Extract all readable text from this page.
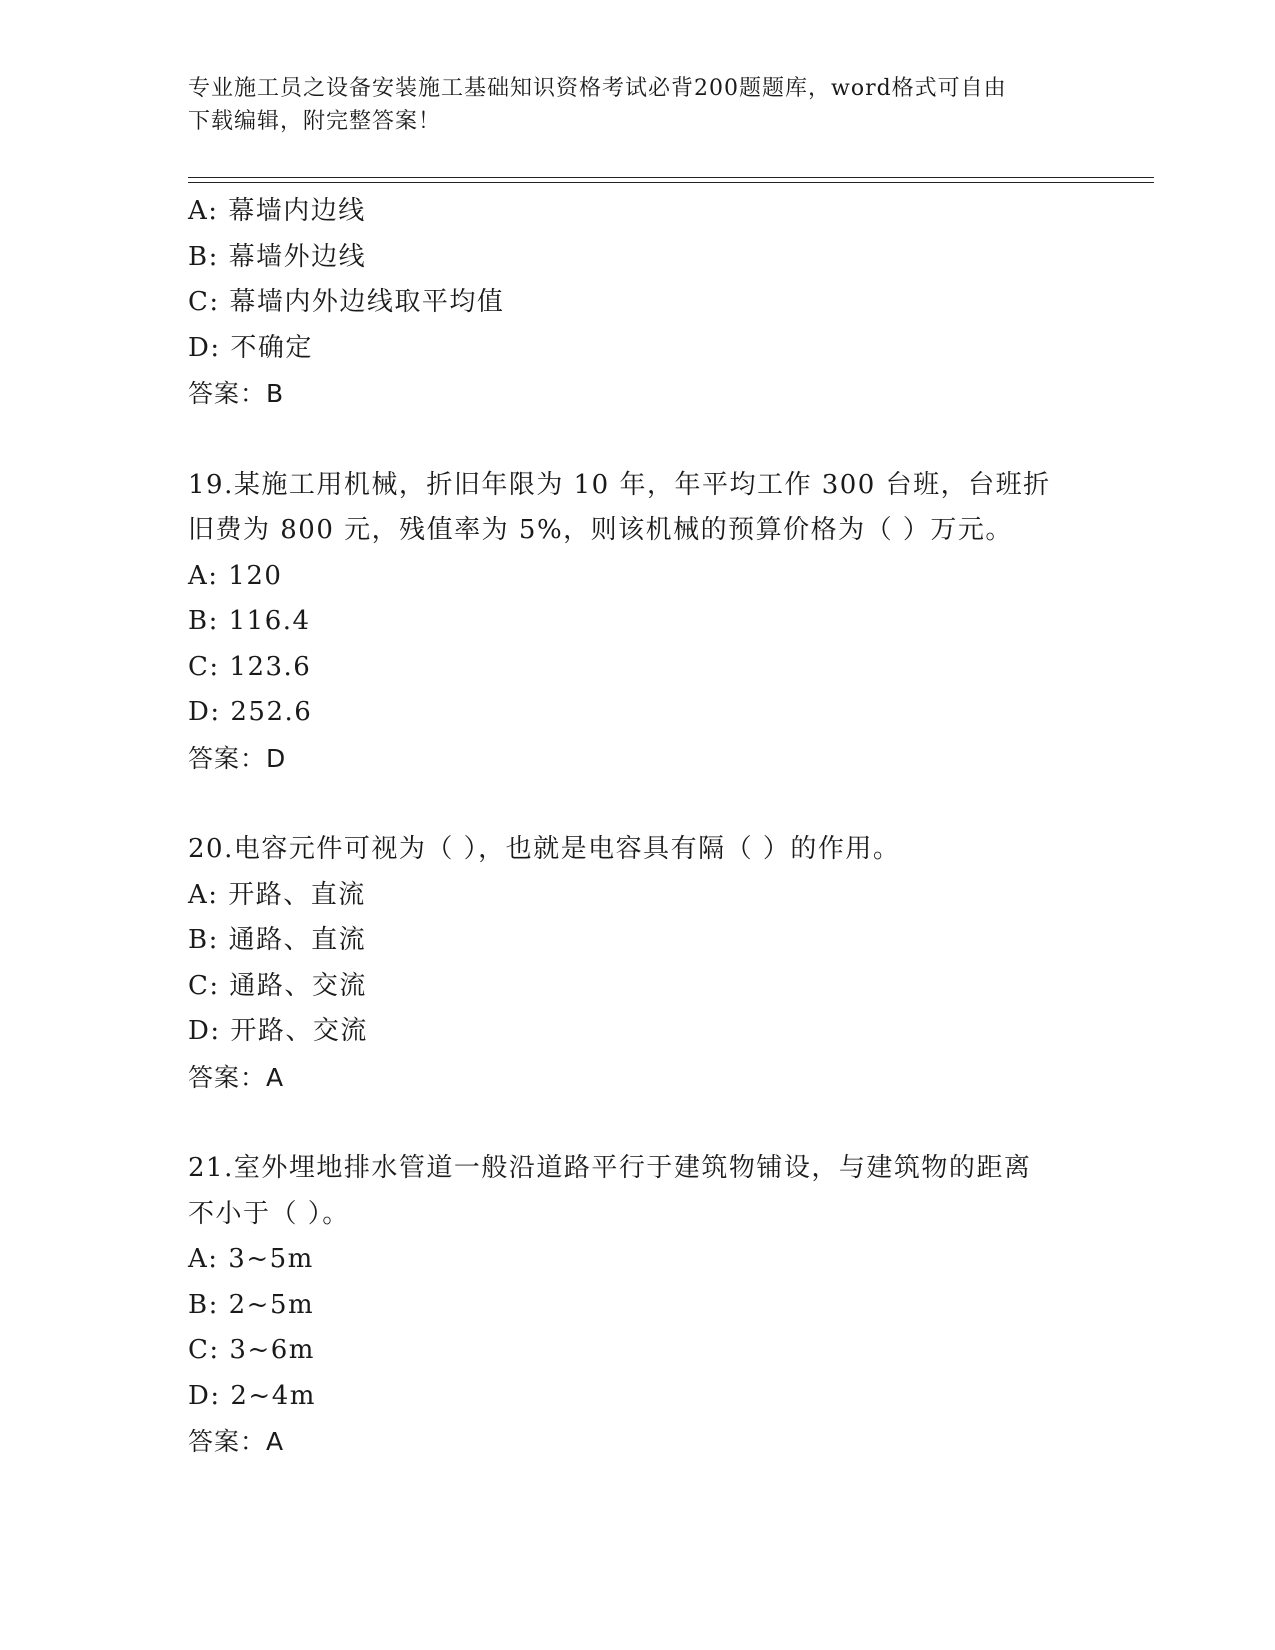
专业施工员之设备安装施工基础知识资格考试必背200题题库，word格式可自由
下载编辑，附完整答案！
A: 幕墙内边线
B: 幕墙外边线
C: 幕墙内外边线取平均值
D: 不确定
答案：B
19.某施工用机械，折旧年限为 10 年，年平均工作 300 台班，台班折
旧费为 800 元，残值率为 5%，则该机械的预算价格为（ ）万元。
A: 120
B: 116.4
C: 123.6
D: 252.6
答案：D
20.电容元件可视为（ ），也就是电容具有隔（ ）的作用。
A: 开路、直流
B: 通路、直流
C: 通路、交流
D: 开路、交流
答案：A
21.室外埋地排水管道一般沿道路平行于建筑物铺设，与建筑物的距离
不小于（ ）。
A: 3~5m
B: 2~5m
C: 3~6m
D: 2~4m
答案：A
